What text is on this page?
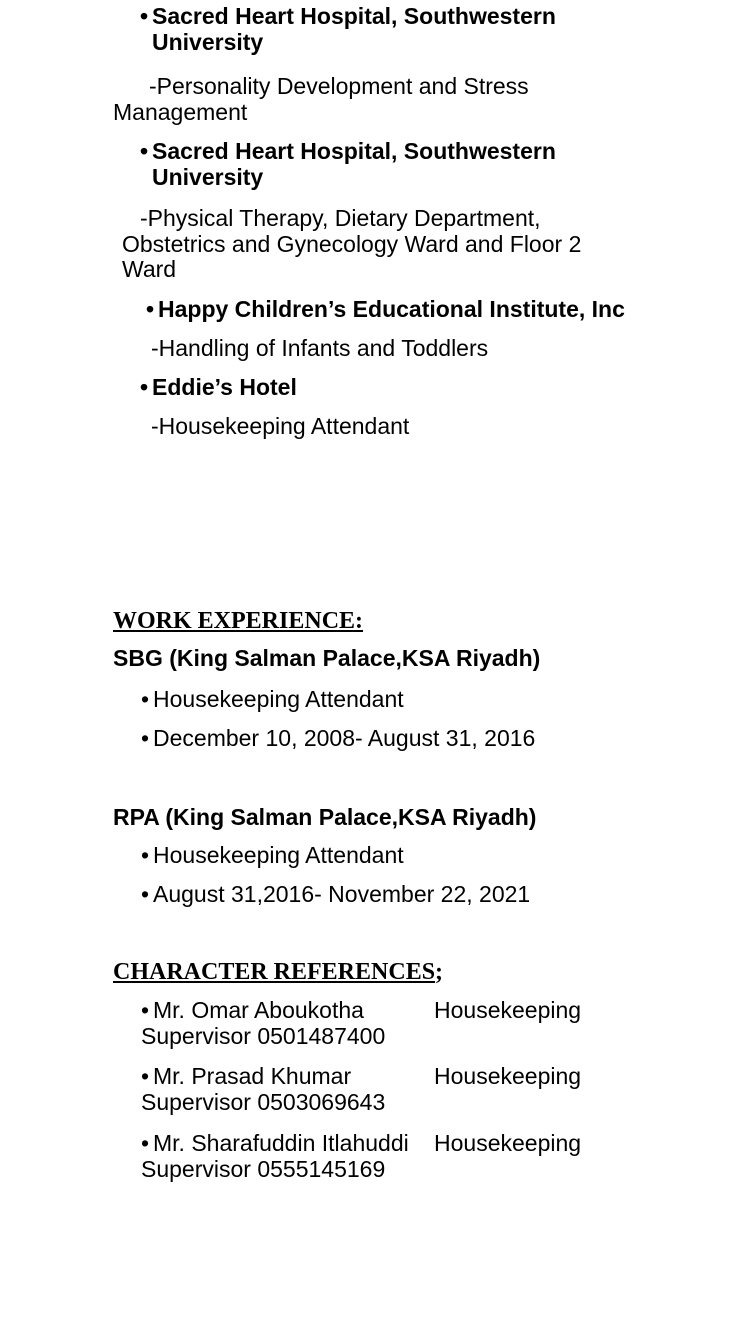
• Sacred Heart Hospital, Southwestern University
-Personality Development and Stress Management
• Sacred Heart Hospital, Southwestern University
-Physical Therapy, Dietary Department, Obstetrics and Gynecology Ward and Floor 2 Ward
• Happy Children’s Educational Institute, Inc
-Handling of Infants and Toddlers
• Eddie’s Hotel
-Housekeeping Attendant
WORK EXPERIENCE:
SBG (King Salman Palace,KSA Riyadh)
• Housekeeping Attendant
• December 10, 2008- August 31, 2016
RPA (King Salman Palace,KSA Riyadh)
• Housekeeping Attendant
• August 31,2016- November 22, 2021
CHARACTER REFERENCES;
• Mr. Omar Aboukotha	Housekeeping
Supervisor 0501487400
• Mr. Prasad Khumar	Housekeeping
Supervisor 0503069643
• Mr. Sharafuddin Itlahuddi Housekeeping
Supervisor 0555145169
